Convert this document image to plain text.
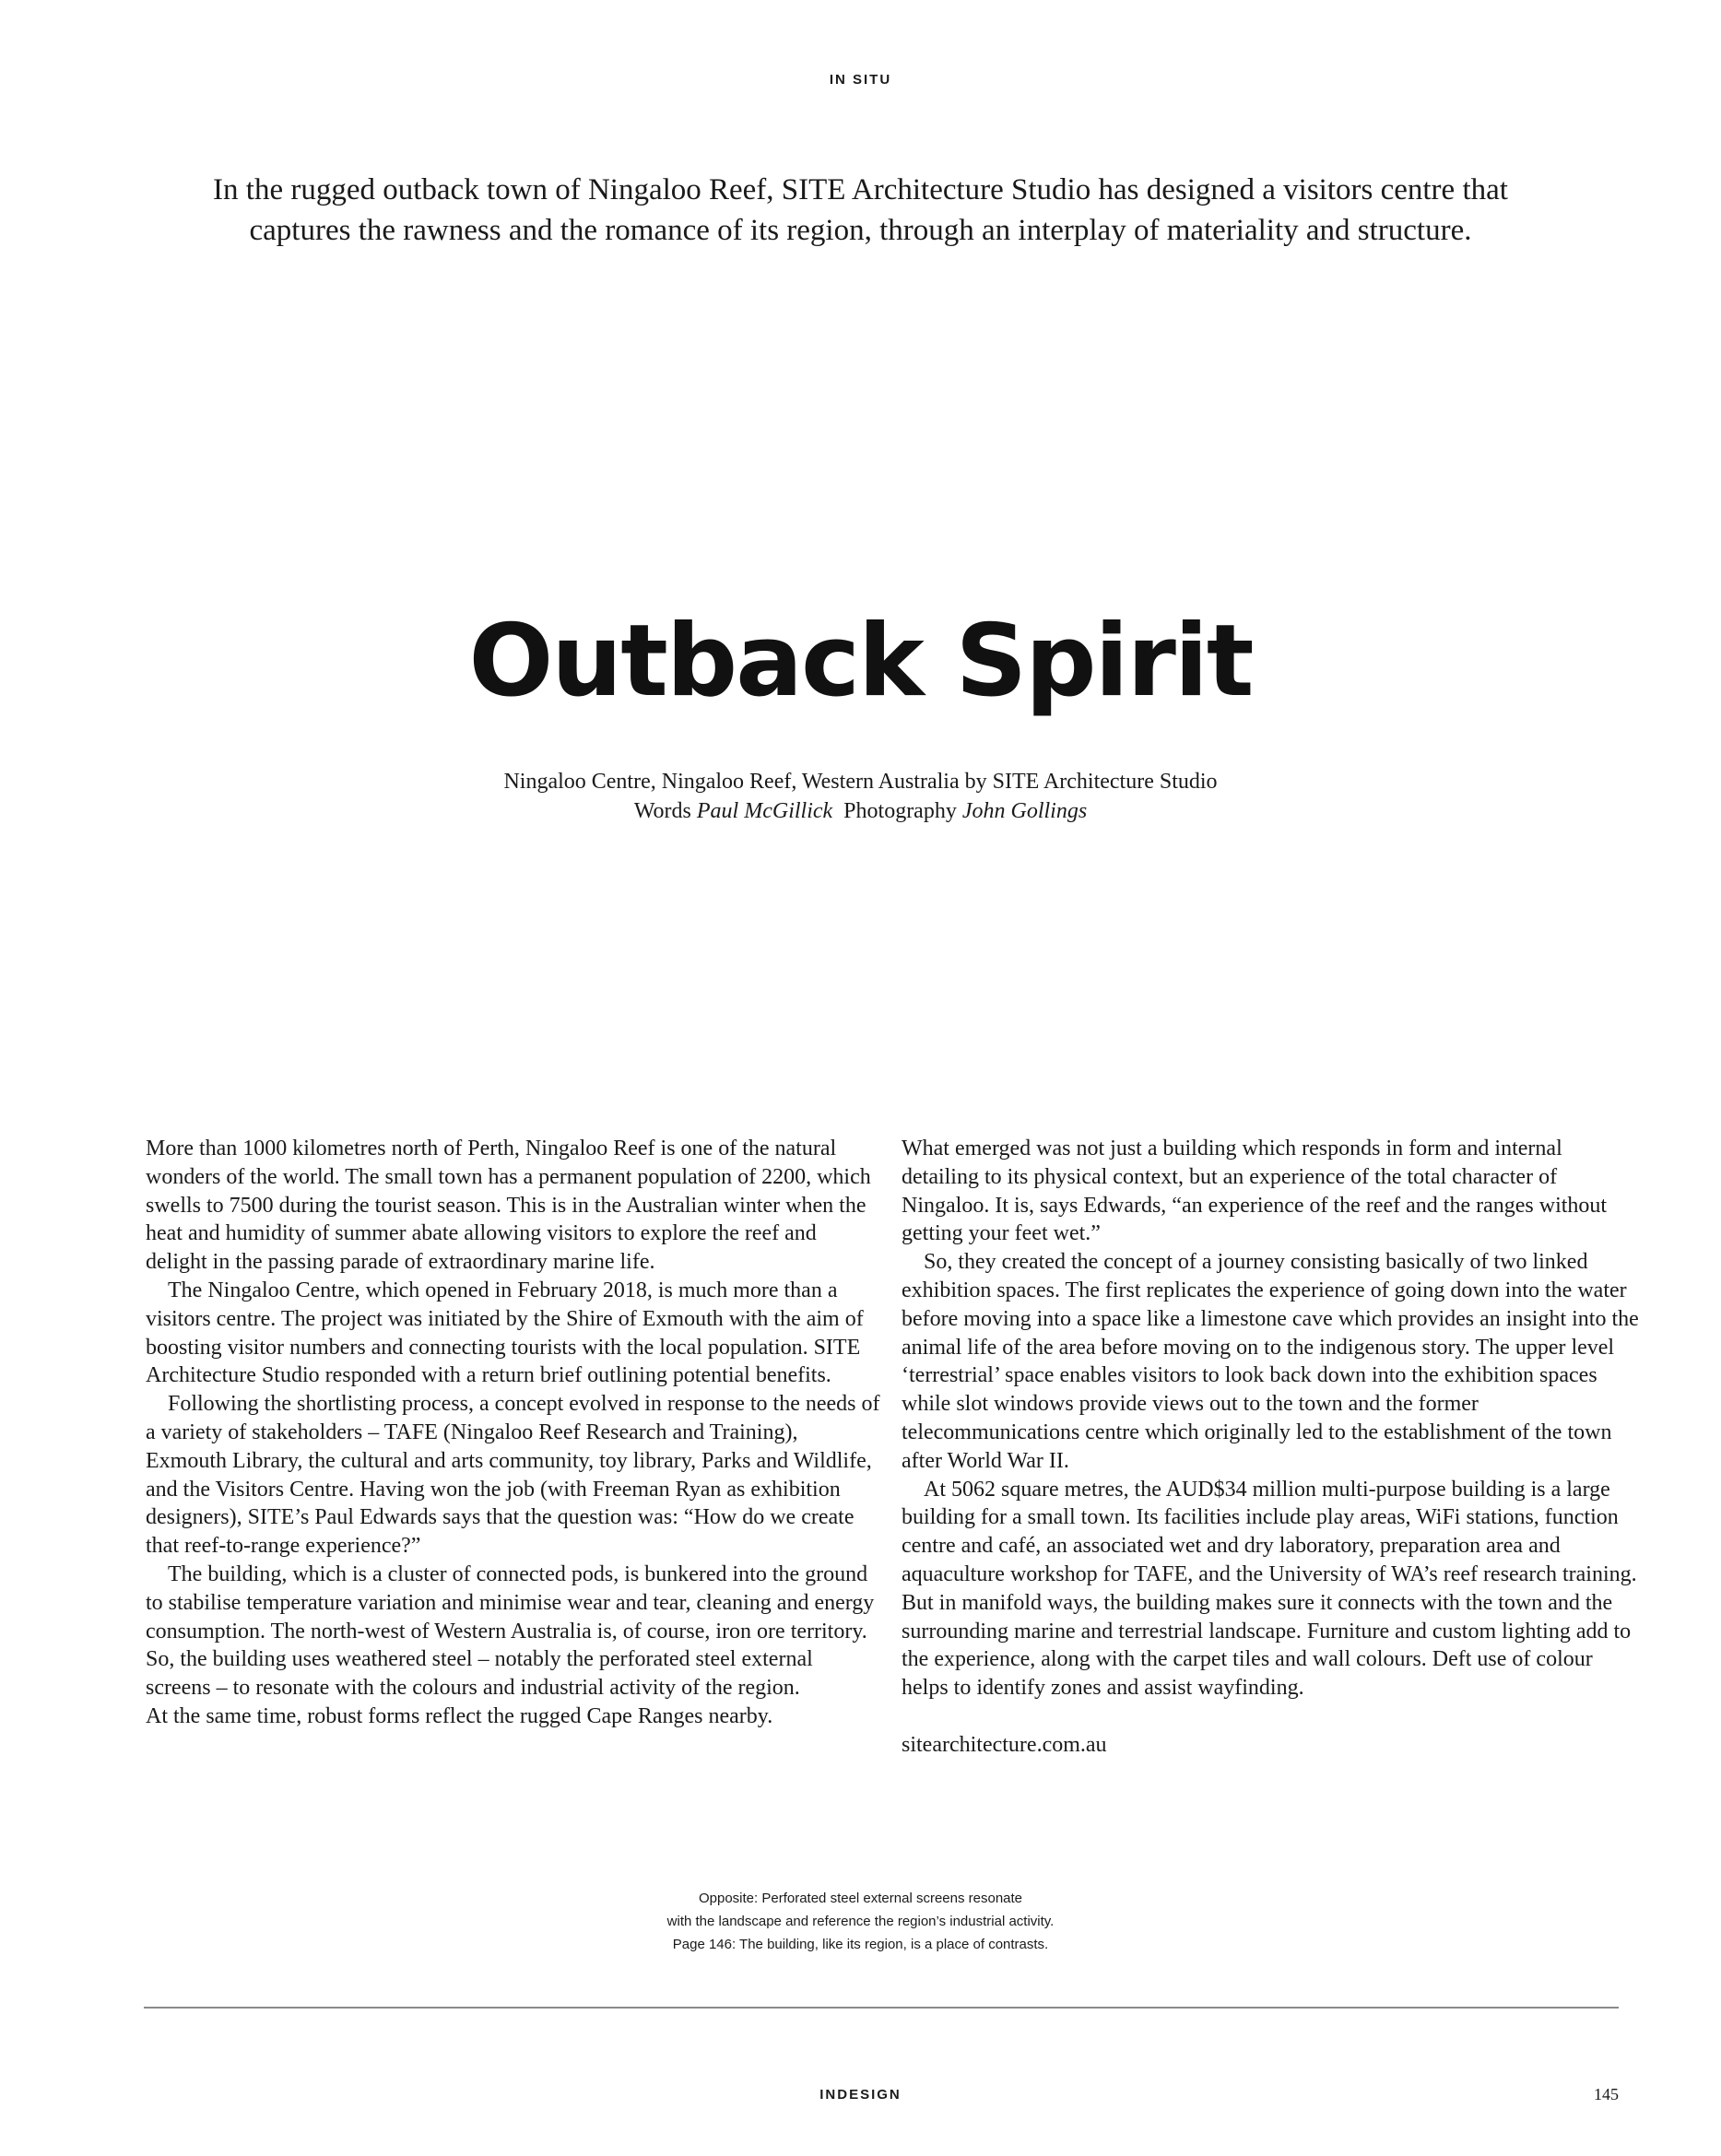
IN SITU
In the rugged outback town of Ningaloo Reef, SITE Architecture Studio has designed a visitors centre that
captures the rawness and the romance of its region, through an interplay of materiality and structure.
Outback Spirit
Ningaloo Centre, Ningaloo Reef, Western Australia by SITE Architecture Studio
Words Paul McGillick Photography John Gollings

More than 1000 kilometres north of Perth, Ningaloo Reef is one of the natural wonders of the world. The small town has a permanent population of 2200, which swells to 7500 during the tourist season. This is in the Australian winter when the heat and humidity of summer abate allowing visitors to explore the reef and delight in the passing parade of extraordinary marine life.

The Ningaloo Centre, which opened in February 2018, is much more than a visitors centre. The project was initiated by the Shire of Exmouth with the aim of boosting visitor numbers and connecting tourists with the local population. SITE Architecture Studio responded with a return brief outlining potential benefits.

Following the shortlisting process, a concept evolved in response to the needs of a variety of stakeholders – TAFE (Ningaloo Reef Research and Training), Exmouth Library, the cultural and arts community, toy library, Parks and Wildlife, and the Visitors Centre. Having won the job (with Freeman Ryan as exhibition designers), SITE’s Paul Edwards says that the question was: “How do we create that reef-to-range experience?”

The building, which is a cluster of connected pods, is bunkered into the ground to stabilise temperature variation and minimise wear and tear, cleaning and energy consumption. The north-west of Western Australia is, of course, iron ore territory. So, the building uses weathered steel – notably the perforated steel external screens – to resonate with the colours and industrial activity of the region.

At the same time, robust forms reflect the rugged Cape Ranges nearby.

What emerged was not just a building which responds in form and internal detailing to its physical context, but an experience of the total character of Ningaloo. It is, says Edwards, “an experience of the reef and the ranges without getting your feet wet.”

So, they created the concept of a journey consisting basically of two linked exhibition spaces. The first replicates the experience of going down into the water before moving into a space like a limestone cave which provides an insight into the animal life of the area before moving on to the indigenous story. The upper level ‘terrestrial’ space enables visitors to look back down into the exhibition spaces while slot windows provide views out to the town and the former telecommunications centre which originally led to the establishment of the town after World War II.

At 5062 square metres, the AUD$34 million multi-purpose building is a large building for a small town. Its facilities include play areas, WiFi stations, function centre and café, an associated wet and dry laboratory, preparation area and aquaculture workshop for TAFE, and the University of WA’s reef research training. But in manifold ways, the building makes sure it connects with the town and the surrounding marine and terrestrial landscape. Furniture and custom lighting add to the experience, along with the carpet tiles and wall colours. Deft use of colour helps to identify zones and assist wayfinding.

sitearchitecture.com.au

Opposite: Perforated steel external screens resonate
with the landscape and reference the region’s industrial activity.
Page 146: The building, like its region, is a place of contrasts.
INDESIGN	145
